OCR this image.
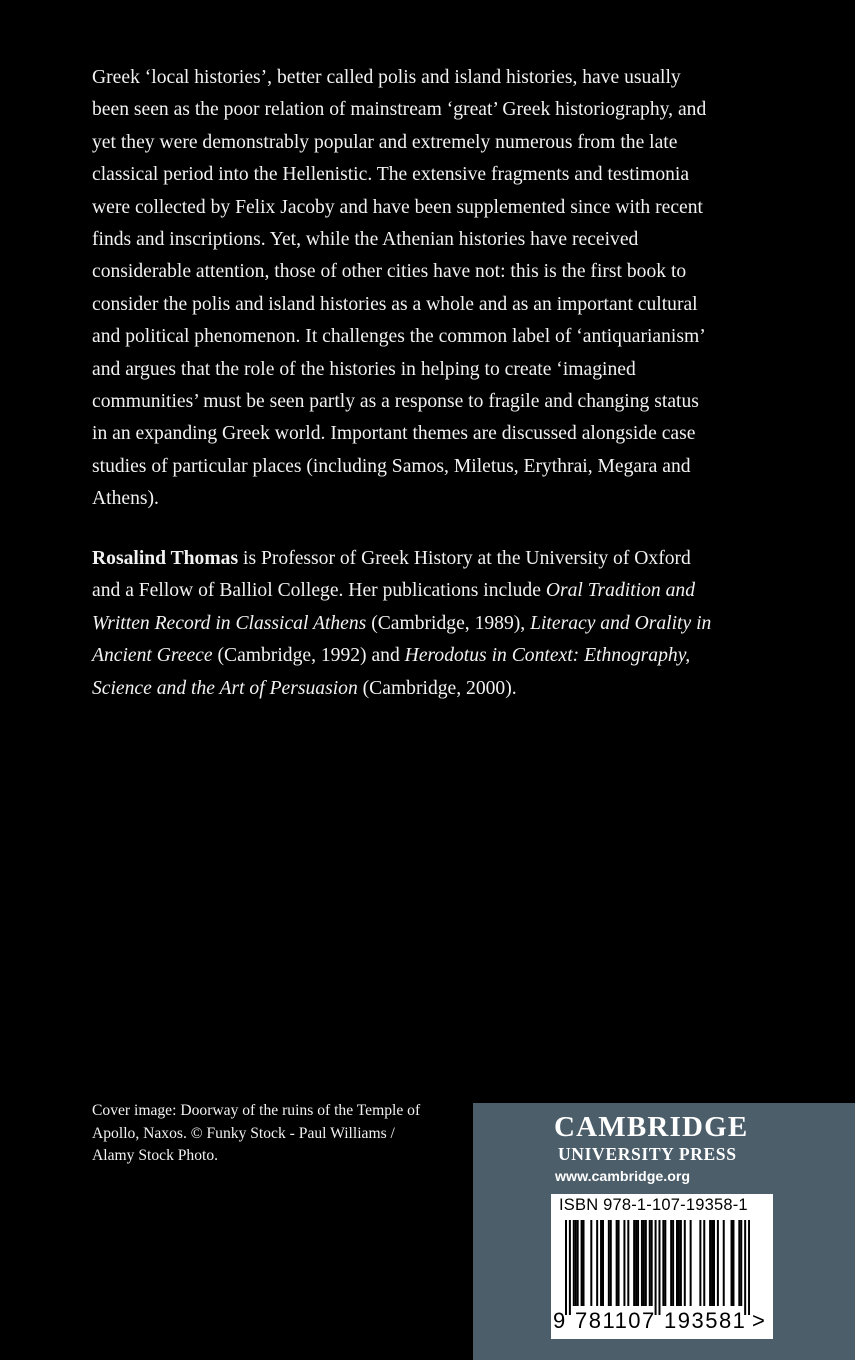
Greek ‘local histories’, better called polis and island histories, have usually been seen as the poor relation of mainstream ‘great’ Greek historiography, and yet they were demonstrably popular and extremely numerous from the late classical period into the Hellenistic. The extensive fragments and testimonia were collected by Felix Jacoby and have been supplemented since with recent finds and inscriptions. Yet, while the Athenian histories have received considerable attention, those of other cities have not: this is the first book to consider the polis and island histories as a whole and as an important cultural and political phenomenon. It challenges the common label of ‘antiquarianism’ and argues that the role of the histories in helping to create ‘imagined communities’ must be seen partly as a response to fragile and changing status in an expanding Greek world. Important themes are discussed alongside case studies of particular places (including Samos, Miletus, Erythrai, Megara and Athens).

Rosalind Thomas is Professor of Greek History at the University of Oxford and a Fellow of Balliol College. Her publications include Oral Tradition and Written Record in Classical Athens (Cambridge, 1989), Literacy and Orality in Ancient Greece (Cambridge, 1992) and Herodotus in Context: Ethnography, Science and the Art of Persuasion (Cambridge, 2000).

Cover image: Doorway of the ruins of the Temple of Apollo, Naxos. © Funky Stock - Paul Williams / Alamy Stock Photo.

CAMBRIDGE
UNIVERSITY PRESS
www.cambridge.org
ISBN 978-1-107-19358-1
9 781107 193581 >
